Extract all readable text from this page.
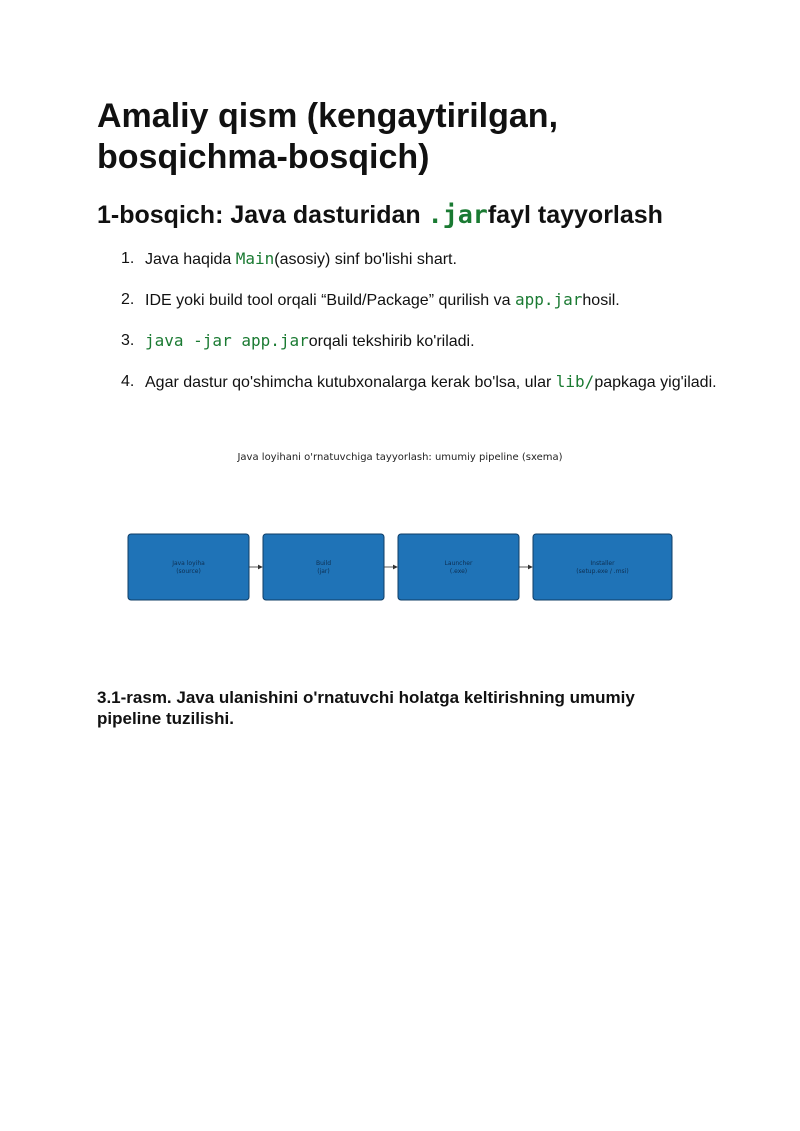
Amaliy qism (kengaytirilgan, bosqichma-bosqich)
1-bosqich: Java dasturidan .jarfayl tayyorlash
1. Java haqida Main(asosiy) sinf bo'lishi shart.
2. IDE yoki build tool orqali “Build/Package” qurilish va app.jarhosil.
3. java -jar app.jarorqali tekshirib ko'riladi.
4. Agar dastur qo'shimcha kutubxonalarga kerak bo'lsa, ular lib/papkaga yig'iladi.
Java loyihani o'rnatuvchiga tayyorlash: umumiy pipeline (sxema)
Java loyiha
(source)
Build
(jar)
Launcher
(.exe)
Installer
(setup.exe / .msi)
3.1-rasm. Java ulanishini o'rnatuvchi holatga keltirishning umumiy pipeline tuzilishi.
